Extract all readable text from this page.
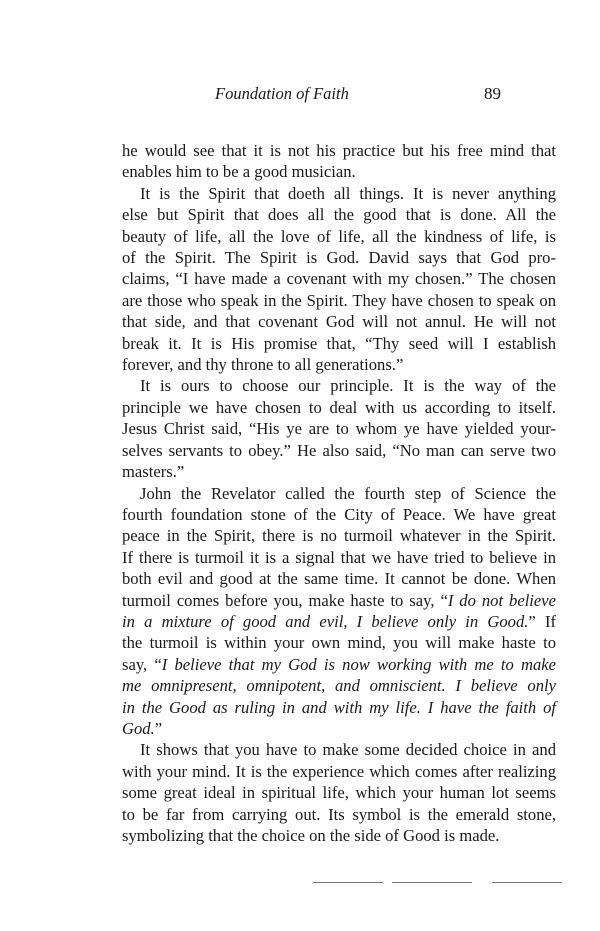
Foundation of Faith	89
he would see that it is not his practice but his free mind that
enables him to be a good musician.
It is the Spirit that doeth all things. It is never anything
else but Spirit that does all the good that is done. All the
beauty of life, all the love of life, all the kindness of life, is
of the Spirit. The Spirit is God. David says that God pro-
claims, “I have made a covenant with my chosen.” The chosen
are those who speak in the Spirit. They have chosen to speak on
that side, and that covenant God will not annul. He will not
break it. It is His promise that, “Thy seed will I establish
forever, and thy throne to all generations.”
It is ours to choose our principle. It is the way of the
principle we have chosen to deal with us according to itself.
Jesus Christ said, “His ye are to whom ye have yielded your-
selves servants to obey.” He also said, “No man can serve two
masters.”
John the Revelator called the fourth step of Science the
fourth foundation stone of the City of Peace. We have great
peace in the Spirit, there is no turmoil whatever in the Spirit.
If there is turmoil it is a signal that we have tried to believe in
both evil and good at the same time. It cannot be done. When
turmoil comes before you, make haste to say, “I do not believe
in a mixture of good and evil, I believe only in Good.” If
the turmoil is within your own mind, you will make haste to
say, “I believe that my God is now working with me to make
me omnipresent, omnipotent, and omniscient. I believe only
in the Good as ruling in and with my life. I have the faith of
God.”
It shows that you have to make some decided choice in and
with your mind. It is the experience which comes after realizing
some great ideal in spiritual life, which your human lot seems
to be far from carrying out. Its symbol is the emerald stone,
symbolizing that the choice on the side of Good is made.
